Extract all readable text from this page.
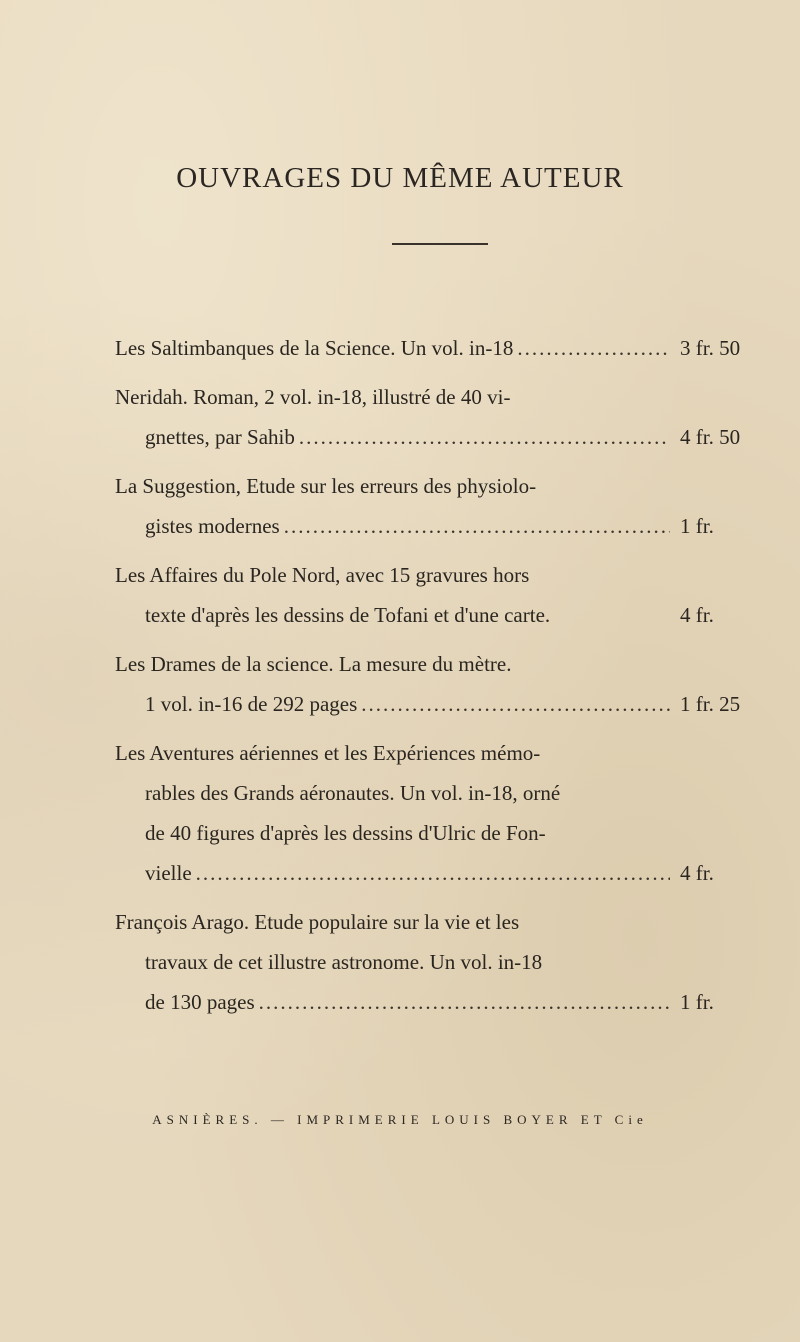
OUVRAGES DU MÊME AUTEUR
Les Saltimbanques de la Science. Un vol. in-18 .....	3 fr. 50
Neridah. Roman, 2 vol. in-18, illustré de 40 vi-
gnettes, par Sahib .....	4 fr. 50
La Suggestion, Etude sur les erreurs des physiolo-
gistes modernes .....	1 fr.
Les Affaires du Pole Nord, avec 15 gravures hors
texte d'après les dessins de Tofani et d'une carte.	4 fr.
Les Drames de la science. La mesure du mètre.
1 vol. in-16 de 292 pages .....	1 fr. 25
Les Aventures aériennes et les Expériences mémo-
rables des Grands aéronautes. Un vol. in-18, orné
de 40 figures d'après les dessins d'Ulric de Fon-
vielle .....	4 fr.
François Arago. Etude populaire sur la vie et les
travaux de cet illustre astronome. Un vol. in-18
de 130 pages .....	1 fr.
ASNIÈRES. — IMPRIMERIE LOUIS BOYER ET Cie
